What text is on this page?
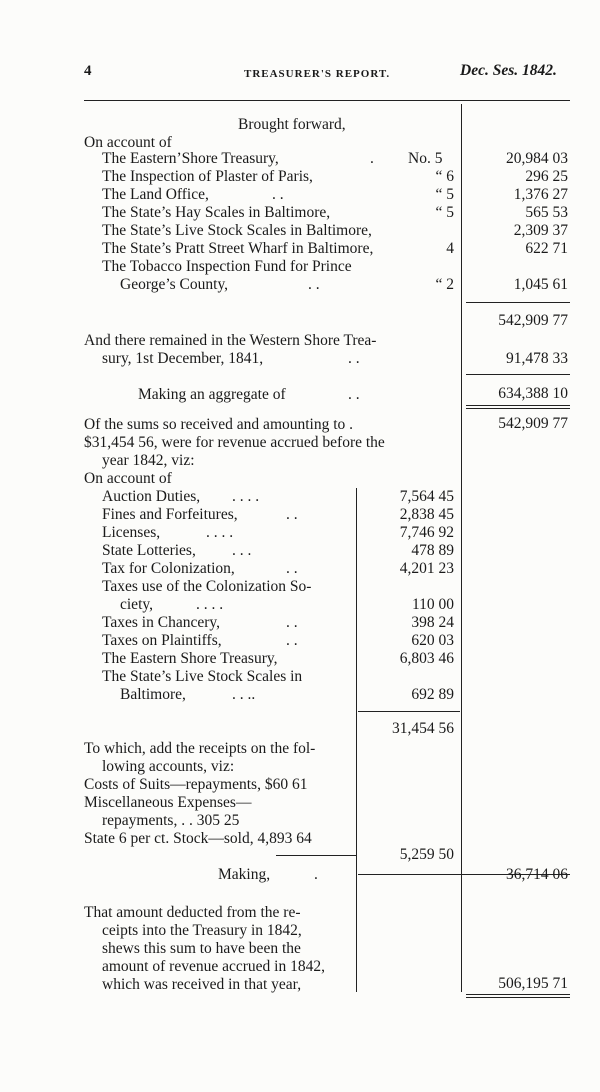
4	TREASURER'S REPORT.	Dec. Ses. 1842.
Brought forward,
On account of
The Eastern’Shore Treasury,	. No. 5	20,984 03
The Inspection of Plaster of Paris,	“ 6	296 25
The Land Office,	. .	“ 5	1,376 27
The State’s Hay Scales in Baltimore,	“ 5	565 53
The State’s Live Stock Scales in Baltimore,	2,309 37
The State’s Pratt Street Wharf in Baltimore,	4	622 71
The Tobacco Inspection Fund for Prince
George’s County,	. .	“ 2	1,045 61
542,909 77
And there remained in the Western Shore Trea-
sury, 1st December, 1841,	. .	91,478 33
Making an aggregate of	. .	634,388 10
Of the sums so received and amounting to .	542,909 77
$31,454 56, were for revenue accrued before the
year 1842, viz:
On account of
Auction Duties, . . . .	7,564 45
Fines and Forfeitures,	. .	2,838 45
Licenses,	. . . .	7,746 92
State Lotteries, . . .	478 89
Tax for Colonization,	. .	4,201 23
Taxes use of the Colonization So-
ciety,	. . . .	110 00
Taxes in Chancery,	. .	398 24
Taxes on Plaintiffs,	. .	620 03
The Eastern Shore Treasury,	6,803 46
The State’s Live Stock Scales in
Baltimore,	. . ..	692 89
31,454 56
To which, add the receipts on the fol-
lowing accounts, viz:
Costs of Suits—repayments, $60 61
Miscellaneous Expenses—
repayments, . . 305 25
State 6 per ct. Stock—sold, 4,893 64
5,259 50
Making,	.	36,714 06
That amount deducted from the re-
ceipts into the Treasury in 1842,
shews this sum to have been the
amount of revenue accrued in 1842,
which was received in that year,	506,195 71
